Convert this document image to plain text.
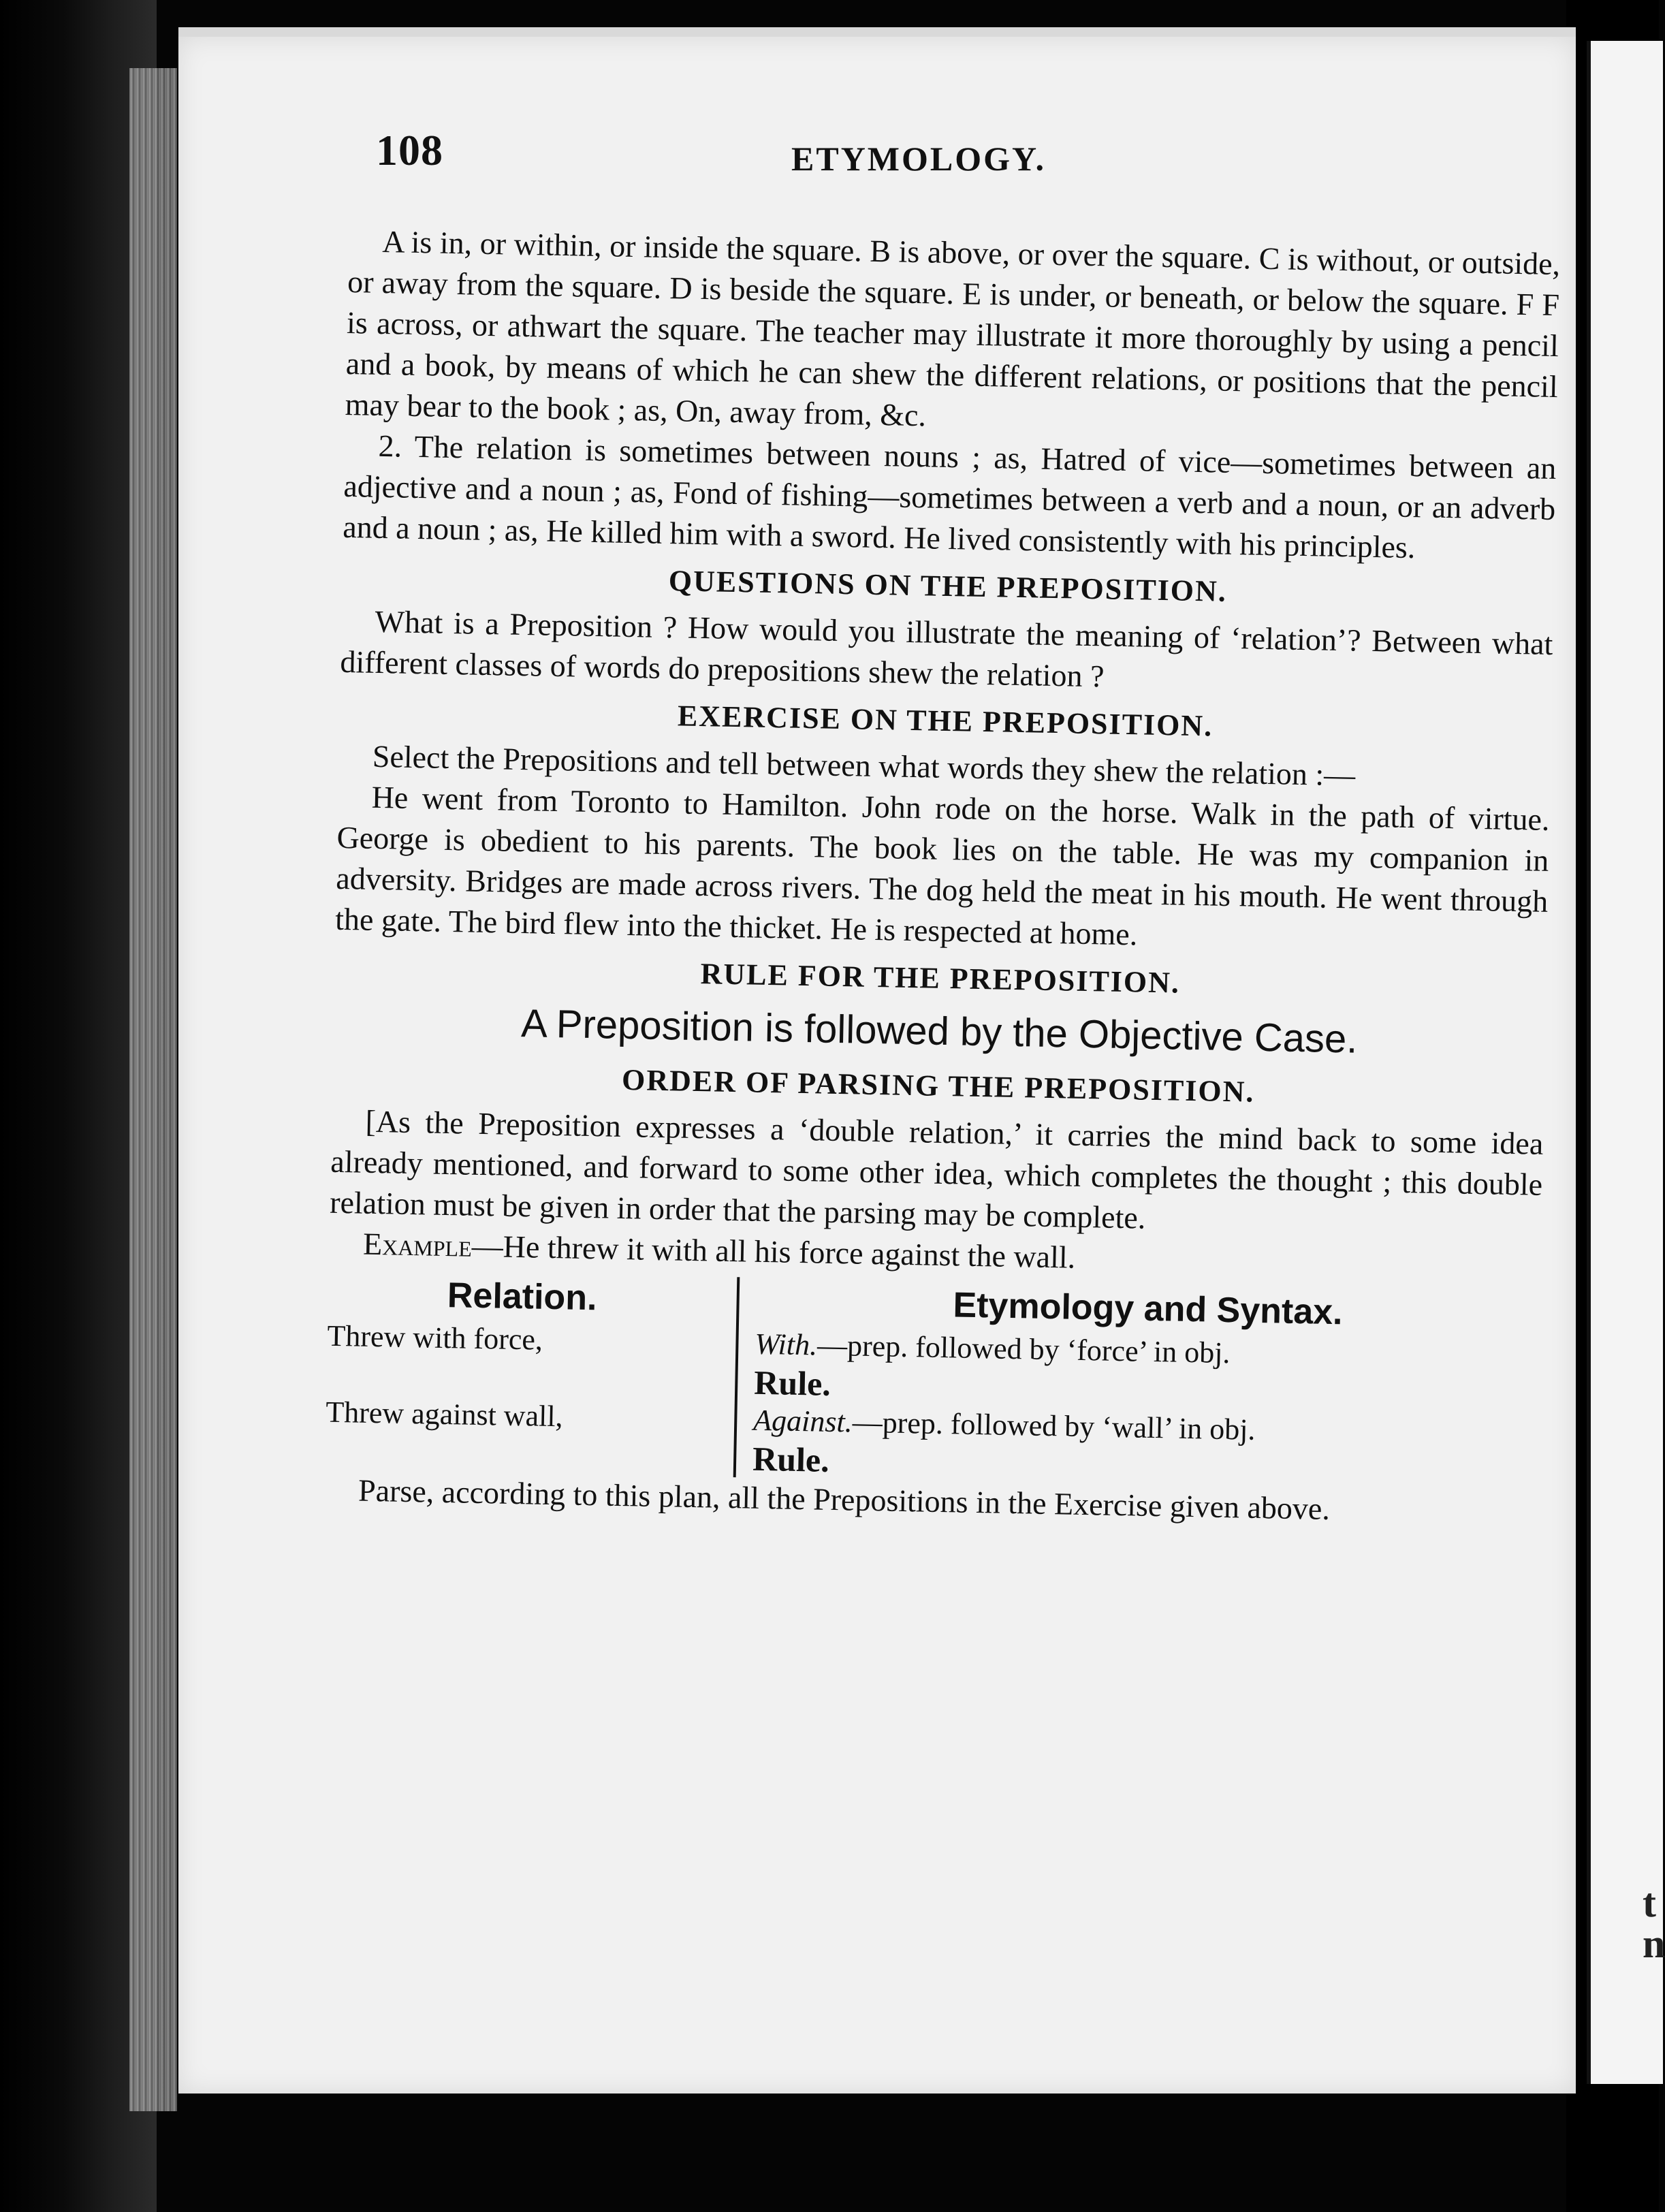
t
n
108	ETYMOLOGY.

A is in, or within, or inside the square. B is above, or over the square. C is without, or outside, or away from the square. D is beside the square. E is under, or beneath, or below the square. F F is across, or athwart the square. The teacher may illustrate it more thoroughly by using a pencil and a book, by means of which he can shew the different relations, or positions that the pencil may bear to the book ; as, On, away from, &c.

2. The relation is sometimes between nouns ; as, Hatred of vice—sometimes between an adjective and a noun ; as, Fond of fishing—sometimes between a verb and a noun, or an adverb and a noun ; as, He killed him with a sword. He lived consistently with his principles.

QUESTIONS ON THE PREPOSITION.

What is a Preposition ? How would you illustrate the meaning of ‘relation’? Between what different classes of words do prepositions shew the relation ?

EXERCISE ON THE PREPOSITION.

Select the Prepositions and tell between what words they shew the relation :—

He went from Toronto to Hamilton. John rode on the horse. Walk in the path of virtue. George is obedient to his parents. The book lies on the table. He was my companion in adversity. Bridges are made across rivers. The dog held the meat in his mouth. He went through the gate. The bird flew into the thicket. He is respected at home.

RULE FOR THE PREPOSITION.
A Preposition is followed by the Objective Case.
ORDER OF PARSING THE PREPOSITION.

[As the Preposition expresses a ‘double relation,’ it carries the mind back to some idea already mentioned, and forward to some other idea, which completes the thought ; this double relation must be given in order that the parsing may be complete.

Example—He threw it with all his force against the wall.

Relation.

Threw with force,

Threw against wall,

Etymology and Syntax.

With.—prep. followed by ‘force’ in obj.

Rule.

Against.—prep. followed by ‘wall’ in obj.

Rule.

Parse, according to this plan, all the Prepositions in the Exercise given above.
